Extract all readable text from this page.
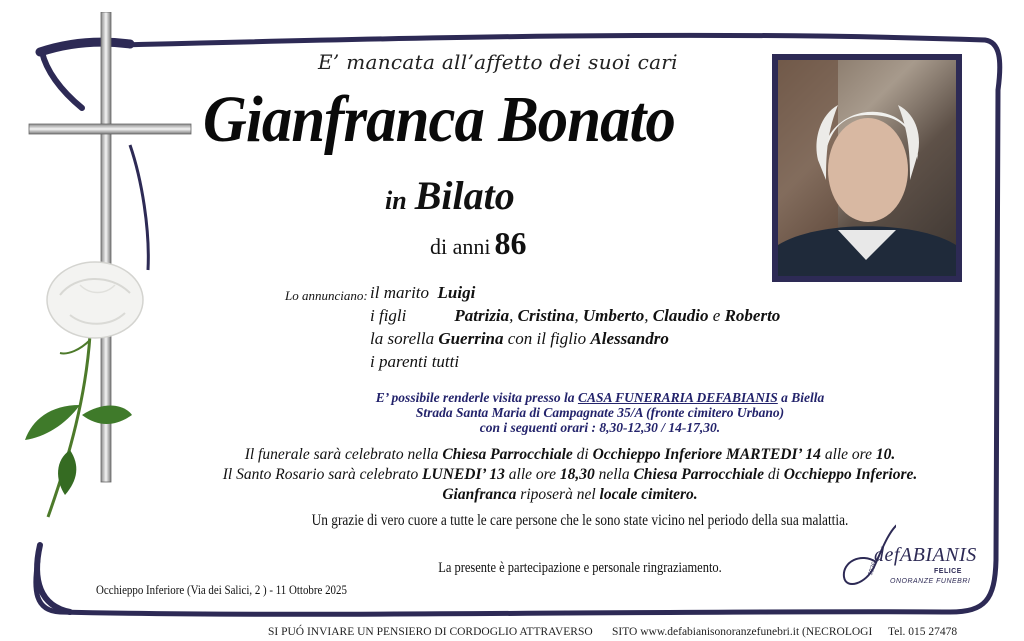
E’ mancata all’affetto dei suoi cari
Gianfranca Bonato
in Bilato
di anni 86
Lo annunciano: il marito Luigi
i figli	Patrizia, Cristina, Umberto, Claudio e Roberto
la sorella Guerrina con il figlio Alessandro
i parenti tutti
E’ possibile renderle visita presso la CASA FUNERARIA DEFABIANIS a Biella
Strada Santa Maria di Campagnate 35/A (fronte cimitero Urbano)
con i seguenti orari : 8,30-12,30 / 14-17,30.
Il funerale sarà celebrato nella Chiesa Parrocchiale di Occhieppo Inferiore MARTEDI’ 14 alle ore 10.
Il Santo Rosario sarà celebrato LUNEDI’ 13 alle ore 18,30 nella Chiesa Parrocchiale di Occhieppo Inferiore.
Gianfranca riposerà nel locale cimitero.
Un grazie di vero cuore a tutte le care persone che le sono state vicino nel periodo della sua malattia.
La presente è partecipazione e personale ringraziamento.
Occhieppo Inferiore (Via dei Salici, 2 ) - 11 Ottobre 2025
defABIANIS
FELICE
ONORANZE FUNEBRI
1926
SI PUÓ INVIARE UN PENSIERO DI CORDOGLIO ATTRAVERSO SITO www.defabianisonoranzefunebri.it (NECROLOGI Tel. 015 27478
